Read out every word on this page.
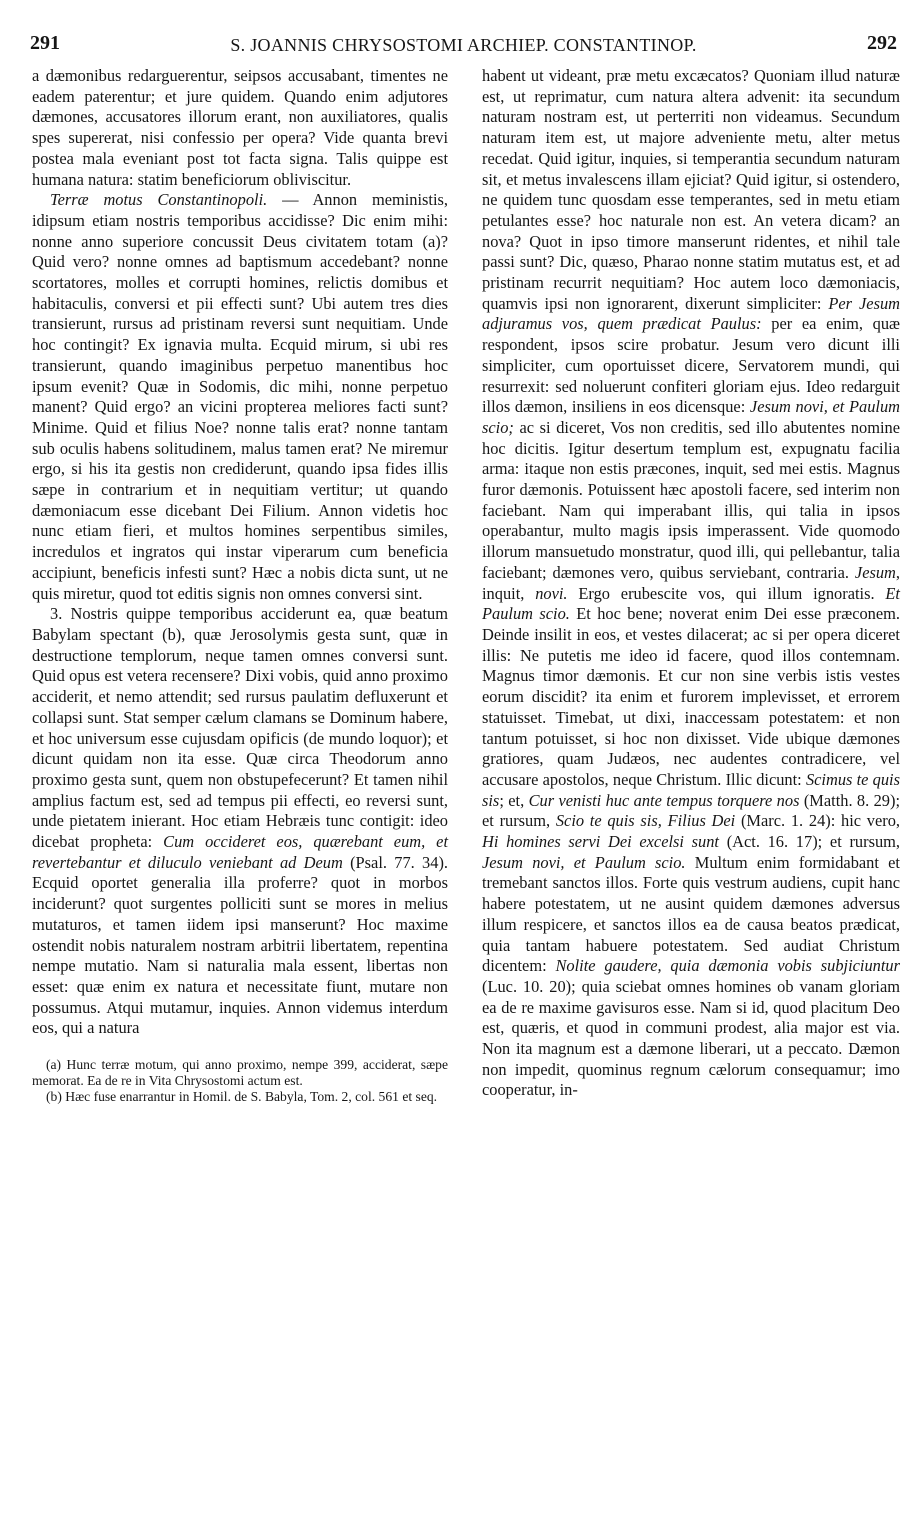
291	S. JOANNIS CHRYSOSTOMI ARCHIEP. CONSTANTINOP.	292

a dæmonibus redarguerentur, seipsos accusabant, timentes ne eadem paterentur; et jure quidem. Quando enim adjutores dæmones, accusatores illorum erant, non auxiliatores, qualis spes supererat, nisi confessio per opera? Vide quanta brevi postea mala eveniant post tot facta signa. Talis quippe est humana natura: statim beneficiorum obliviscitur.

Terræ motus Constantinopoli. — Annon meministis, idipsum etiam nostris temporibus accidisse? Dic enim mihi: nonne anno superiore concussit Deus civitatem totam (a)? Quid vero? nonne omnes ad baptismum accedebant? nonne scortatores, molles et corrupti homines, relictis domibus et habitaculis, conversi et pii effecti sunt? Ubi autem tres dies transierunt, rursus ad pristinam reversi sunt nequitiam. Unde hoc contingit? Ex ignavia multa. Ecquid mirum, si ubi res transierunt, quando imaginibus perpetuo manentibus hoc ipsum evenit? Quæ in Sodomis, dic mihi, nonne perpetuo manent? Quid ergo? an vicini propterea meliores facti sunt? Minime. Quid et filius Noe? nonne talis erat? nonne tantam sub oculis habens solitudinem, malus tamen erat? Ne miremur ergo, si his ita gestis non crediderunt, quando ipsa fides illis sæpe in contrarium et in nequitiam vertitur; ut quando dæmoniacum esse dicebant Dei Filium. Annon videtis hoc nunc etiam fieri, et multos homines serpentibus similes, incredulos et ingratos qui instar viperarum cum beneficia accipiunt, beneficis infesti sunt? Hæc a nobis dicta sunt, ut ne quis miretur, quod tot editis signis non omnes conversi sint.

3. Nostris quippe temporibus acciderunt ea, quæ beatum Babylam spectant (b), quæ Jerosolymis gesta sunt, quæ in destructione templorum, neque tamen omnes conversi sunt. Quid opus est vetera recensere? Dixi vobis, quid anno proximo acciderit, et nemo attendit; sed rursus paulatim defluxerunt et collapsi sunt. Stat semper cælum clamans se Dominum habere, et hoc universum esse cujusdam opificis (de mundo loquor); et dicunt quidam non ita esse. Quæ circa Theodorum anno proximo gesta sunt, quem non obstupefecerunt? Et tamen nihil amplius factum est, sed ad tempus pii effecti, eo reversi sunt, unde pietatem inierant. Hoc etiam Hebræis tunc contigit: ideo dicebat propheta: Cum occideret eos, quærebant eum, et revertebantur et diluculo veniebant ad Deum (Psal. 77. 34). Ecquid oportet generalia illa proferre? quot in morbos inciderunt? quot surgentes polliciti sunt se mores in melius mutaturos, et tamen iidem ipsi manserunt? Hoc maxime ostendit nobis naturalem nostram arbitrii libertatem, repentina nempe mutatio. Nam si naturalia mala essent, libertas non esset: quæ enim ex natura et necessitate fiunt, mutare non possumus. Atqui mutamur, inquies. Annon videmus interdum eos, qui a natura

(a) Hunc terræ motum, qui anno proximo, nempe 399, acciderat, sæpe memorat. Ea de re in Vita Chrysostomi actum est.

(b) Hæc fuse enarrantur in Homil. de S. Babyla, Tom. 2, col. 561 et seq.

habent ut videant, præ metu excæcatos? Quoniam illud naturæ est, ut reprimatur, cum natura altera advenit: ita secundum naturam nostram est, ut perterriti non videamus. Secundum naturam item est, ut majore adveniente metu, alter metus recedat. Quid igitur, inquies, si temperantia secundum naturam sit, et metus invalescens illam ejiciat? Quid igitur, si ostendero, ne quidem tunc quosdam esse temperantes, sed in metu etiam petulantes esse? hoc naturale non est. An vetera dicam? an nova? Quot in ipso timore manserunt ridentes, et nihil tale passi sunt? Dic, quæso, Pharao nonne statim mutatus est, et ad pristinam recurrit nequitiam? Hoc autem loco dæmoniacis, quamvis ipsi non ignorarent, dixerunt simpliciter: Per Jesum adjuramus vos, quem prædicat Paulus: per ea enim, quæ respondent, ipsos scire probatur. Jesum vero dicunt illi simpliciter, cum oportuisset dicere, Servatorem mundi, qui resurrexit: sed noluerunt confiteri gloriam ejus. Ideo redarguit illos dæmon, insiliens in eos dicensque: Jesum novi, et Paulum scio; ac si diceret, Vos non creditis, sed illo abutentes nomine hoc dicitis. Igitur desertum templum est, expugnatu facilia arma: itaque non estis præcones, inquit, sed mei estis. Magnus furor dæmonis. Potuissent hæc apostoli facere, sed interim non faciebant. Nam qui imperabant illis, qui talia in ipsos operabantur, multo magis ipsis imperassent. Vide quomodo illorum mansuetudo monstratur, quod illi, qui pellebantur, talia faciebant; dæmones vero, quibus serviebant, contraria. Jesum, inquit, novi. Ergo erubescite vos, qui illum ignoratis. Et Paulum scio. Et hoc bene; noverat enim Dei esse præconem. Deinde insilit in eos, et vestes dilacerat; ac si per opera diceret illis: Ne putetis me ideo id facere, quod illos contemnam. Magnus timor dæmonis. Et cur non sine verbis istis vestes eorum discidit? ita enim et furorem implevisset, et errorem statuisset. Timebat, ut dixi, inaccessam potestatem: et non tantum potuisset, si hoc non dixisset. Vide ubique dæmones gratiores, quam Judæos, nec audentes contradicere, vel accusare apostolos, neque Christum. Illic dicunt: Scimus te quis sis; et, Cur venisti huc ante tempus torquere nos (Matth. 8. 29); et rursum, Scio te quis sis, Filius Dei (Marc. 1. 24): hic vero, Hi homines servi Dei excelsi sunt (Act. 16. 17); et rursum, Jesum novi, et Paulum scio. Multum enim formidabant et tremebant sanctos illos. Forte quis vestrum audiens, cupit hanc habere potestatem, ut ne ausint quidem dæmones adversus illum respicere, et sanctos illos ea de causa beatos prædicat, quia tantam habuere potestatem. Sed audiat Christum dicentem: Nolite gaudere, quia dæmonia vobis subjiciuntur (Luc. 10. 20); quia sciebat omnes homines ob vanam gloriam ea de re maxime gavisuros esse. Nam si id, quod placitum Deo est, quæris, et quod in communi prodest, alia major est via. Non ita magnum est a dæmone liberari, ut a peccato. Dæmon non impedit, quominus regnum cælorum consequamur; imo cooperatur, in-
